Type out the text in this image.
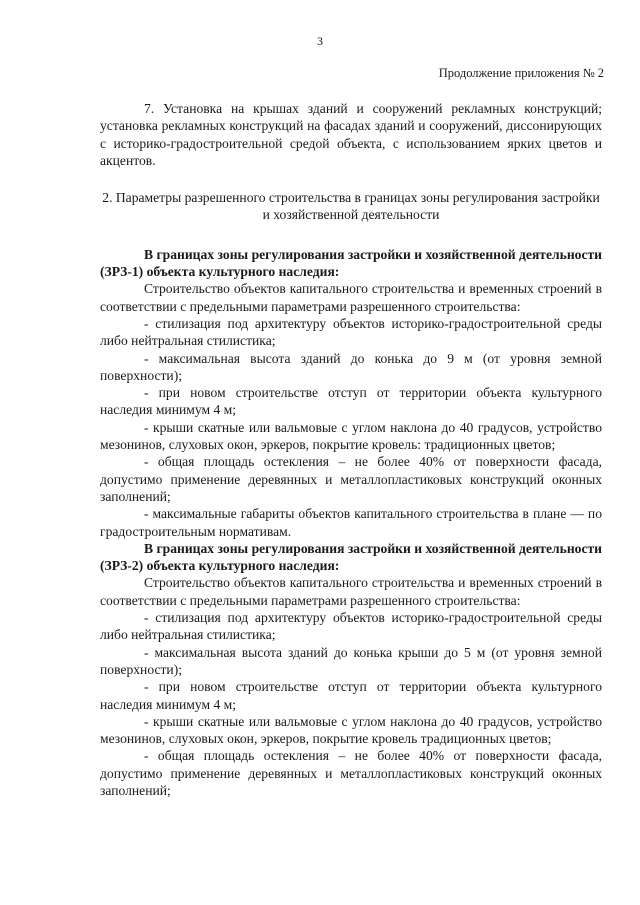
3
Продолжение приложения № 2

7. Установка на крышах зданий и сооружений рекламных конструкций; установка рекламных конструкций на фасадах зданий и сооружений, диссонирующих с историко-градостроительной средой объекта, с использованием ярких цветов и акцентов.

2. Параметры разрешенного строительства в границах зоны регулирования застройки и хозяйственной деятельности

В границах зоны регулирования застройки и хозяйственной деятельности (ЗРЗ-1) объекта культурного наследия:

Строительство объектов капитального строительства и временных строений в соответствии с предельными параметрами разрешенного строительства:

- стилизация под архитектуру объектов историко-градостроительной среды либо нейтральная стилистика;

- максимальная высота зданий до конька до 9 м (от уровня земной поверхности);

- при новом строительстве отступ от территории объекта культурного наследия минимум 4 м;

- крыши скатные или вальмовые с углом наклона до 40 градусов, устройство мезонинов, слуховых окон, эркеров, покрытие кровель: традиционных цветов;

- общая площадь остекления – не более 40% от поверхности фасада, допустимо применение деревянных и металлопластиковых конструкций оконных заполнений;

- максимальные габариты объектов капитального строительства в плане — по градостроительным нормативам.

В границах зоны регулирования застройки и хозяйственной деятельности (ЗРЗ-2) объекта культурного наследия:

Строительство объектов капитального строительства и временных строений в соответствии с предельными параметрами разрешенного строительства:

- стилизация под архитектуру объектов историко-градостроительной среды либо нейтральная стилистика;

- максимальная высота зданий до конька крыши до 5 м (от уровня земной поверхности);

- при новом строительстве отступ от территории объекта культурного наследия минимум 4 м;

- крыши скатные или вальмовые с углом наклона до 40 градусов, устройство мезонинов, слуховых окон, эркеров, покрытие кровель традиционных цветов;

- общая площадь остекления – не более 40% от поверхности фасада, допустимо применение деревянных и металлопластиковых конструкций оконных заполнений;
